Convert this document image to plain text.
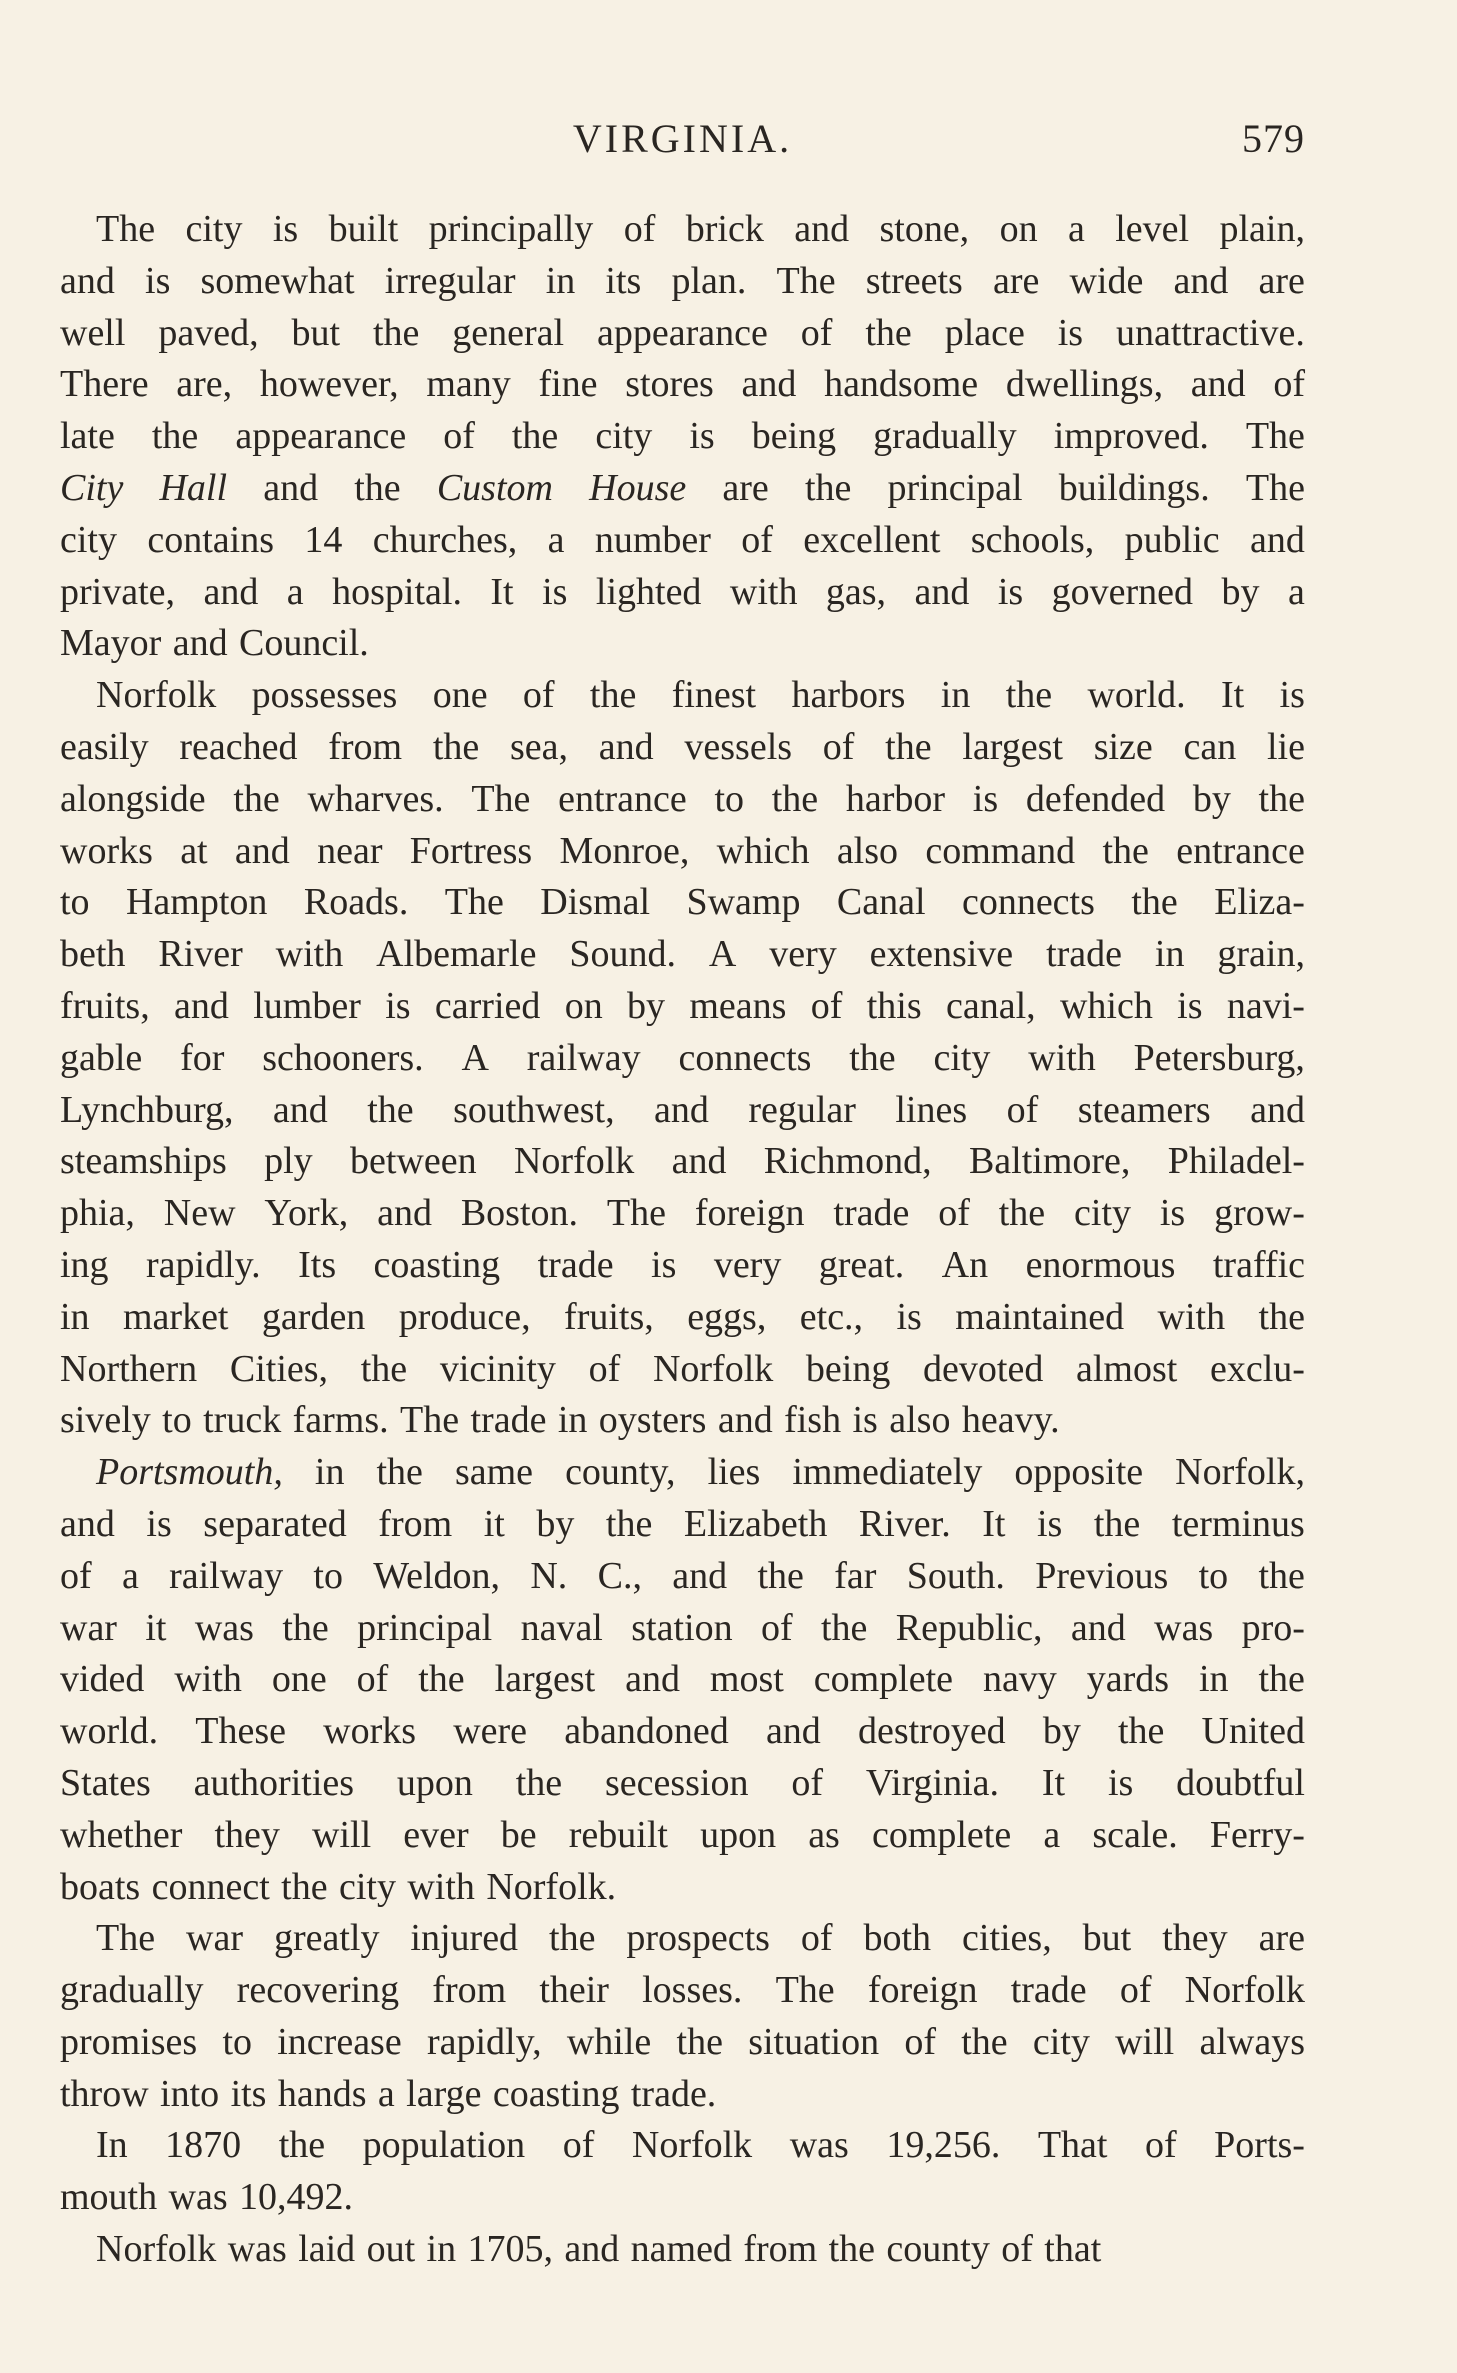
VIRGINIA.	579
The city is built principally of brick and stone, on a level plain,
and is somewhat irregular in its plan. The streets are wide and are
well paved, but the general appearance of the place is unattractive.
There are, however, many fine stores and handsome dwellings, and of
late the appearance of the city is being gradually improved. The
City Hall and the Custom House are the principal buildings. The
city contains 14 churches, a number of excellent schools, public and
private, and a hospital. It is lighted with gas, and is governed by a
Mayor and Council.
Norfolk possesses one of the finest harbors in the world. It is
easily reached from the sea, and vessels of the largest size can lie
alongside the wharves. The entrance to the harbor is defended by the
works at and near Fortress Monroe, which also command the entrance
to Hampton Roads. The Dismal Swamp Canal connects the Eliza-
beth River with Albemarle Sound. A very extensive trade in grain,
fruits, and lumber is carried on by means of this canal, which is navi-
gable for schooners. A railway connects the city with Petersburg,
Lynchburg, and the southwest, and regular lines of steamers and
steamships ply between Norfolk and Richmond, Baltimore, Philadel-
phia, New York, and Boston. The foreign trade of the city is grow-
ing rapidly. Its coasting trade is very great. An enormous traffic
in market garden produce, fruits, eggs, etc., is maintained with the
Northern Cities, the vicinity of Norfolk being devoted almost exclu-
sively to truck farms. The trade in oysters and fish is also heavy.
Portsmouth, in the same county, lies immediately opposite Norfolk,
and is separated from it by the Elizabeth River. It is the terminus
of a railway to Weldon, N. C., and the far South. Previous to the
war it was the principal naval station of the Republic, and was pro-
vided with one of the largest and most complete navy yards in the
world. These works were abandoned and destroyed by the United
States authorities upon the secession of Virginia. It is doubtful
whether they will ever be rebuilt upon as complete a scale. Ferry-
boats connect the city with Norfolk.
The war greatly injured the prospects of both cities, but they are
gradually recovering from their losses. The foreign trade of Norfolk
promises to increase rapidly, while the situation of the city will always
throw into its hands a large coasting trade.
In 1870 the population of Norfolk was 19,256. That of Ports-
mouth was 10,492.
Norfolk was laid out in 1705, and named from the county of that
